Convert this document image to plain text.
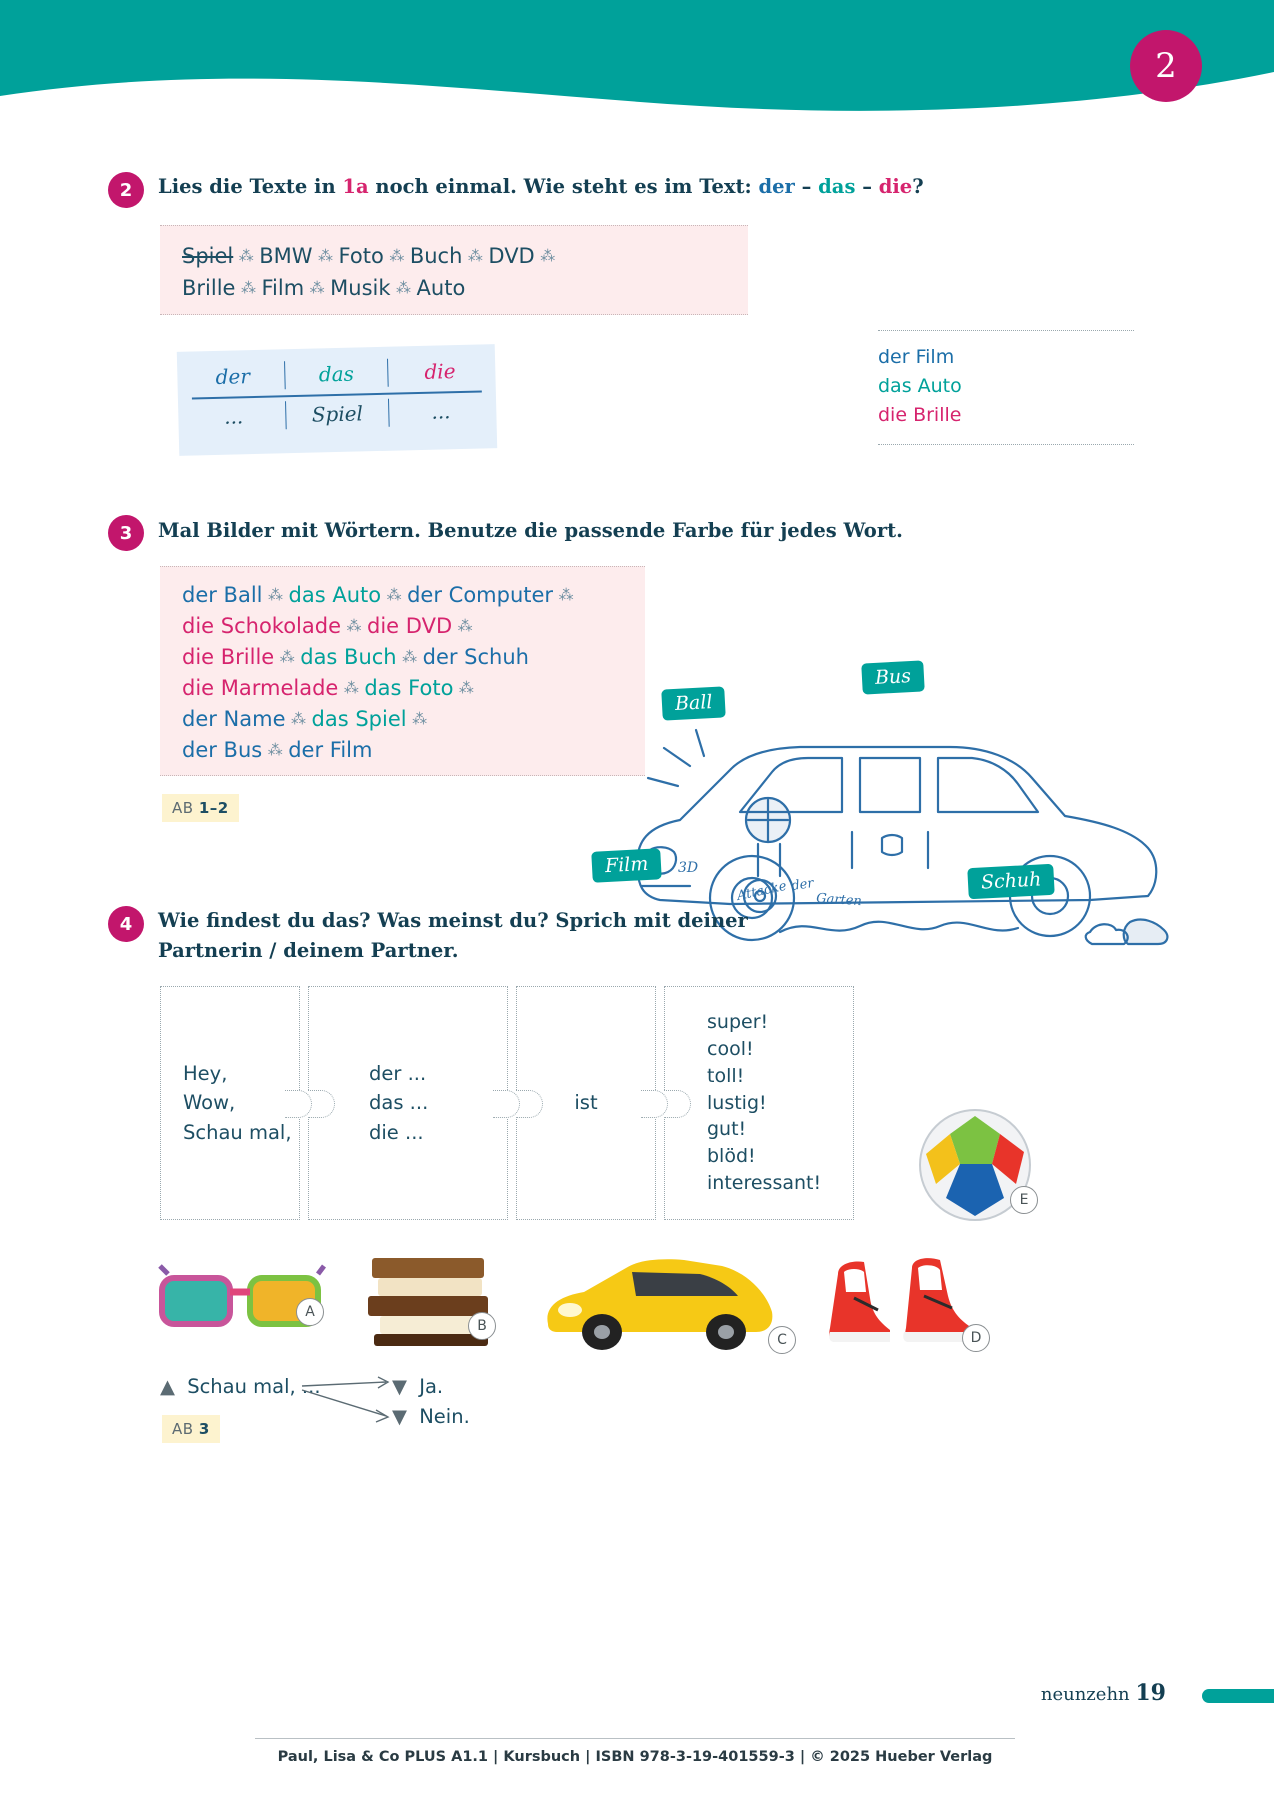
2
2 Lies die Texte in 1a noch einmal. Wie steht es im Text: der – das – die?
Spiel ⁂ BMW ⁂ Foto ⁂ Buch ⁂ DVD ⁂
Brille ⁂ Film ⁂ Musik ⁂ Auto
der	das	die
...	Spiel	...
der Film
das Auto
die Brille
3 Mal Bilder mit Wörtern. Benutze die passende Farbe für jedes Wort.
der Ball ⁂ das Auto ⁂ der Computer ⁂
die Schokolade ⁂ die DVD ⁂
die Brille ⁂ das Buch ⁂ der Schuh
die Marmelade ⁂ das Foto ⁂
der Name ⁂ das Spiel ⁂
der Bus ⁂ der Film
AB 1–2
Attacke der
Garten
3D
Bus
Ball
Film
Schuh
4 Wie findest du das? Was meinst du? Sprich mit deiner
Partnerin / deinem Partner.
Hey,
Wow,
Schau mal,
der ...
das ...
die ...
ist
super!
cool!
toll!
lustig!
gut!
blöd!
interessant!
E
A
B
C	D
▲ Schau mal, ...	▼ Ja.
▼ Nein.
AB 3
neunzehn 19
Paul, Lisa & Co PLUS A1.1 | Kursbuch | ISBN 978-3-19-401559-3 | © 2025 Hueber Verlag
